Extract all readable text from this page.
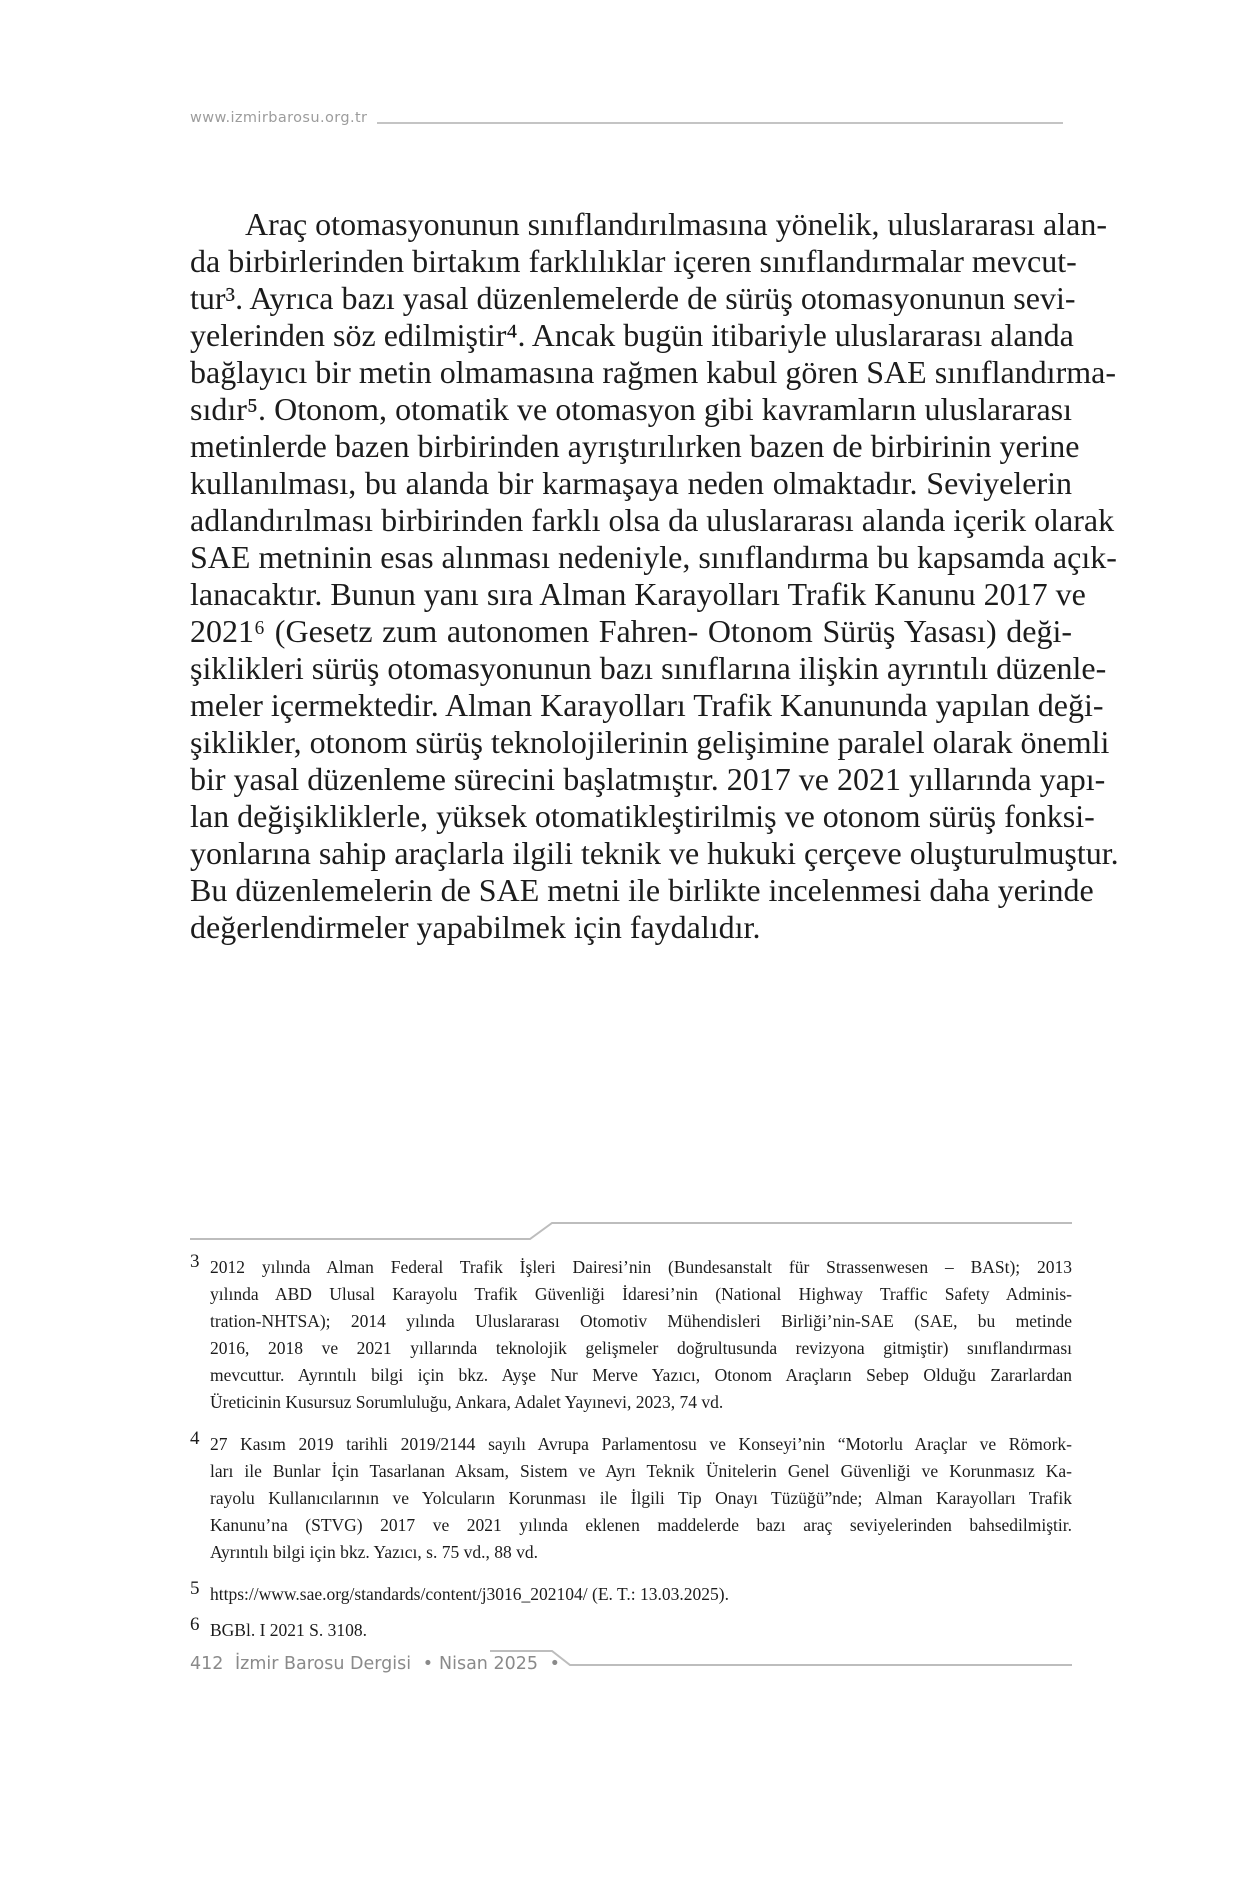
www.izmirbarosu.org.tr
Araç otomasyonunun sınıflandırılmasına yönelik, uluslararası alan-
da birbirlerinden birtakım farklılıklar içeren sınıflandırmalar mevcut-
tur³. Ayrıca bazı yasal düzenlemelerde de sürüş otomasyonunun sevi-
yelerinden söz edilmiştir⁴. Ancak bugün itibariyle uluslararası alanda
bağlayıcı bir metin olmamasına rağmen kabul gören SAE sınıflandırma-
sıdır⁵. Otonom, otomatik ve otomasyon gibi kavramların uluslararası
metinlerde bazen birbirinden ayrıştırılırken bazen de birbirinin yerine
kullanılması, bu alanda bir karmaşaya neden olmaktadır. Seviyelerin
adlandırılması birbirinden farklı olsa da uluslararası alanda içerik olarak
SAE metninin esas alınması nedeniyle, sınıflandırma bu kapsamda açık-
lanacaktır. Bunun yanı sıra Alman Karayolları Trafik Kanunu 2017 ve
2021⁶ (Gesetz zum autonomen Fahren- Otonom Sürüş Yasası) deği-
şiklikleri sürüş otomasyonunun bazı sınıflarına ilişkin ayrıntılı düzenle-
meler içermektedir. Alman Karayolları Trafik Kanununda yapılan deği-
şiklikler, otonom sürüş teknolojilerinin gelişimine paralel olarak önemli
bir yasal düzenleme sürecini başlatmıştır. 2017 ve 2021 yıllarında yapı-
lan değişikliklerle, yüksek otomatikleştirilmiş ve otonom sürüş fonksi-
yonlarına sahip araçlarla ilgili teknik ve hukuki çerçeve oluşturulmuştur.
Bu düzenlemelerin de SAE metni ile birlikte incelenmesi daha yerinde
değerlendirmeler yapabilmek için faydalıdır.
3 2012 yılında Alman Federal Trafik İşleri Dairesi’nin (Bundesanstalt für Strassenwesen – BASt); 2013
yılında ABD Ulusal Karayolu Trafik Güvenliği İdaresi’nin (National Highway Traffic Safety Adminis-
tration-NHTSA); 2014 yılında Uluslararası Otomotiv Mühendisleri Birliği’nin-SAE (SAE, bu metinde
2016, 2018 ve 2021 yıllarında teknolojik gelişmeler doğrultusunda revizyona gitmiştir) sınıflandırması
mevcuttur. Ayrıntılı bilgi için bkz. Ayşe Nur Merve Yazıcı, Otonom Araçların Sebep Olduğu Zararlardan
Üreticinin Kusursuz Sorumluluğu, Ankara, Adalet Yayınevi, 2023, 74 vd.
4 27 Kasım 2019 tarihli 2019/2144 sayılı Avrupa Parlamentosu ve Konseyi’nin “Motorlu Araçlar ve Römork-
ları ile Bunlar İçin Tasarlanan Aksam, Sistem ve Ayrı Teknik Ünitelerin Genel Güvenliği ve Korunmasız Ka-
rayolu Kullanıcılarının ve Yolcuların Korunması ile İlgili Tip Onayı Tüzüğü”nde; Alman Karayolları Trafik
Kanunu’na (STVG) 2017 ve 2021 yılında eklenen maddelerde bazı araç seviyelerinden bahsedilmiştir.
Ayrıntılı bilgi için bkz. Yazıcı, s. 75 vd., 88 vd.
5 https://www.sae.org/standards/content/j3016_202104/ (E. T.: 13.03.2025).
6 BGBl. I 2021 S. 3108.
412 İzmir Barosu Dergisi • Nisan 2025 •
